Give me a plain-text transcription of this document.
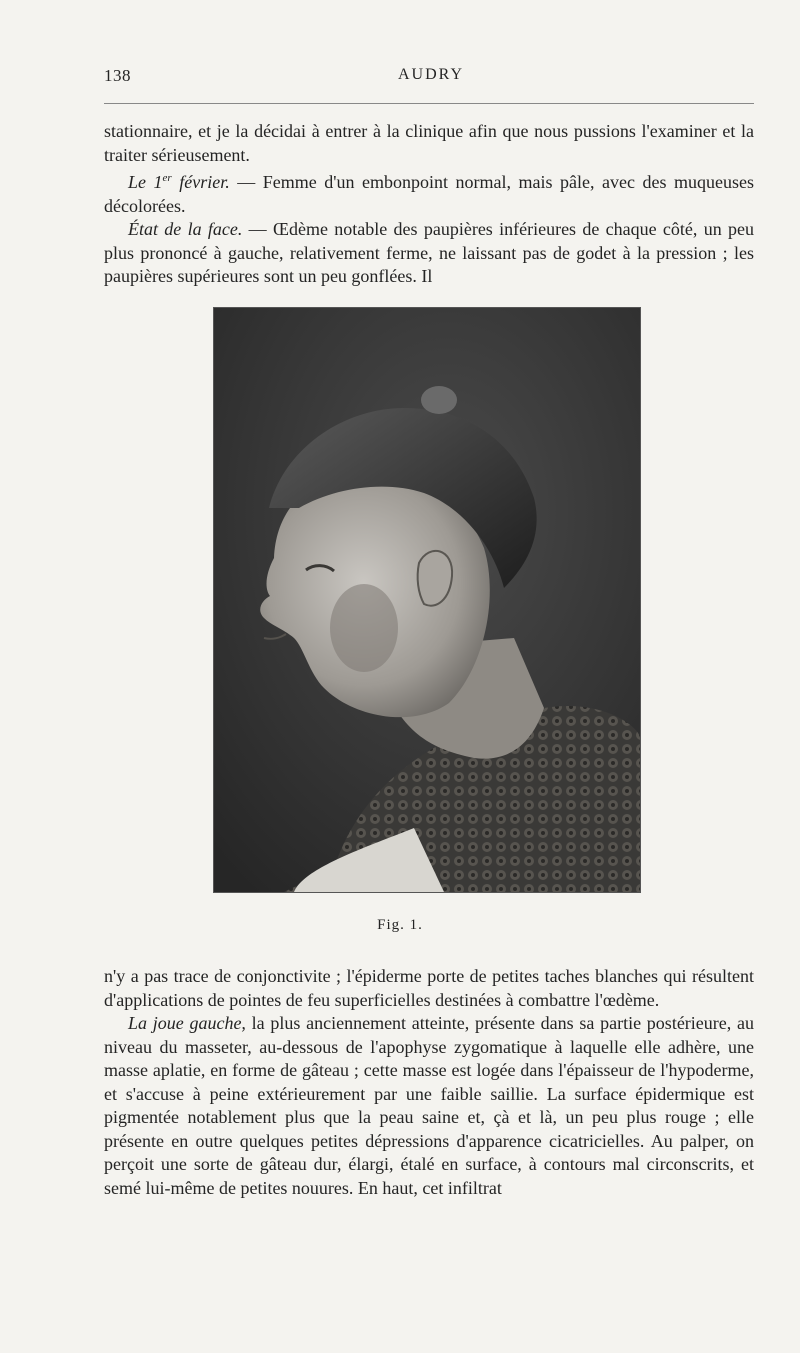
138	AUDRY

stationnaire, et je la décidai à entrer à la clinique afin que nous pussions l'examiner et la traiter sérieusement.

Le 1er février. — Femme d'un embonpoint normal, mais pâle, avec des muqueuses décolorées.

État de la face. — Œdème notable des paupières inférieures de chaque côté, un peu plus prononcé à gauche, relativement ferme, ne laissant pas de godet à la pression ; les paupières supérieures sont un peu gonflées. Il

Fig. 1.

n'y a pas trace de conjonctivite ; l'épiderme porte de petites taches blanches qui résultent d'applications de pointes de feu superficielles destinées à combattre l'œdème.

La joue gauche, la plus anciennement atteinte, présente dans sa partie postérieure, au niveau du masseter, au-dessous de l'apophyse zygomatique à laquelle elle adhère, une masse aplatie, en forme de gâteau ; cette masse est logée dans l'épaisseur de l'hypoderme, et s'accuse à peine extérieurement par une faible saillie. La surface épidermique est pigmentée notablement plus que la peau saine et, çà et là, un peu plus rouge ; elle présente en outre quelques petites dépressions d'apparence cicatricielles. Au palper, on perçoit une sorte de gâteau dur, élargi, étalé en surface, à contours mal circonscrits, et semé lui-même de petites nouures. En haut, cet infiltrat
